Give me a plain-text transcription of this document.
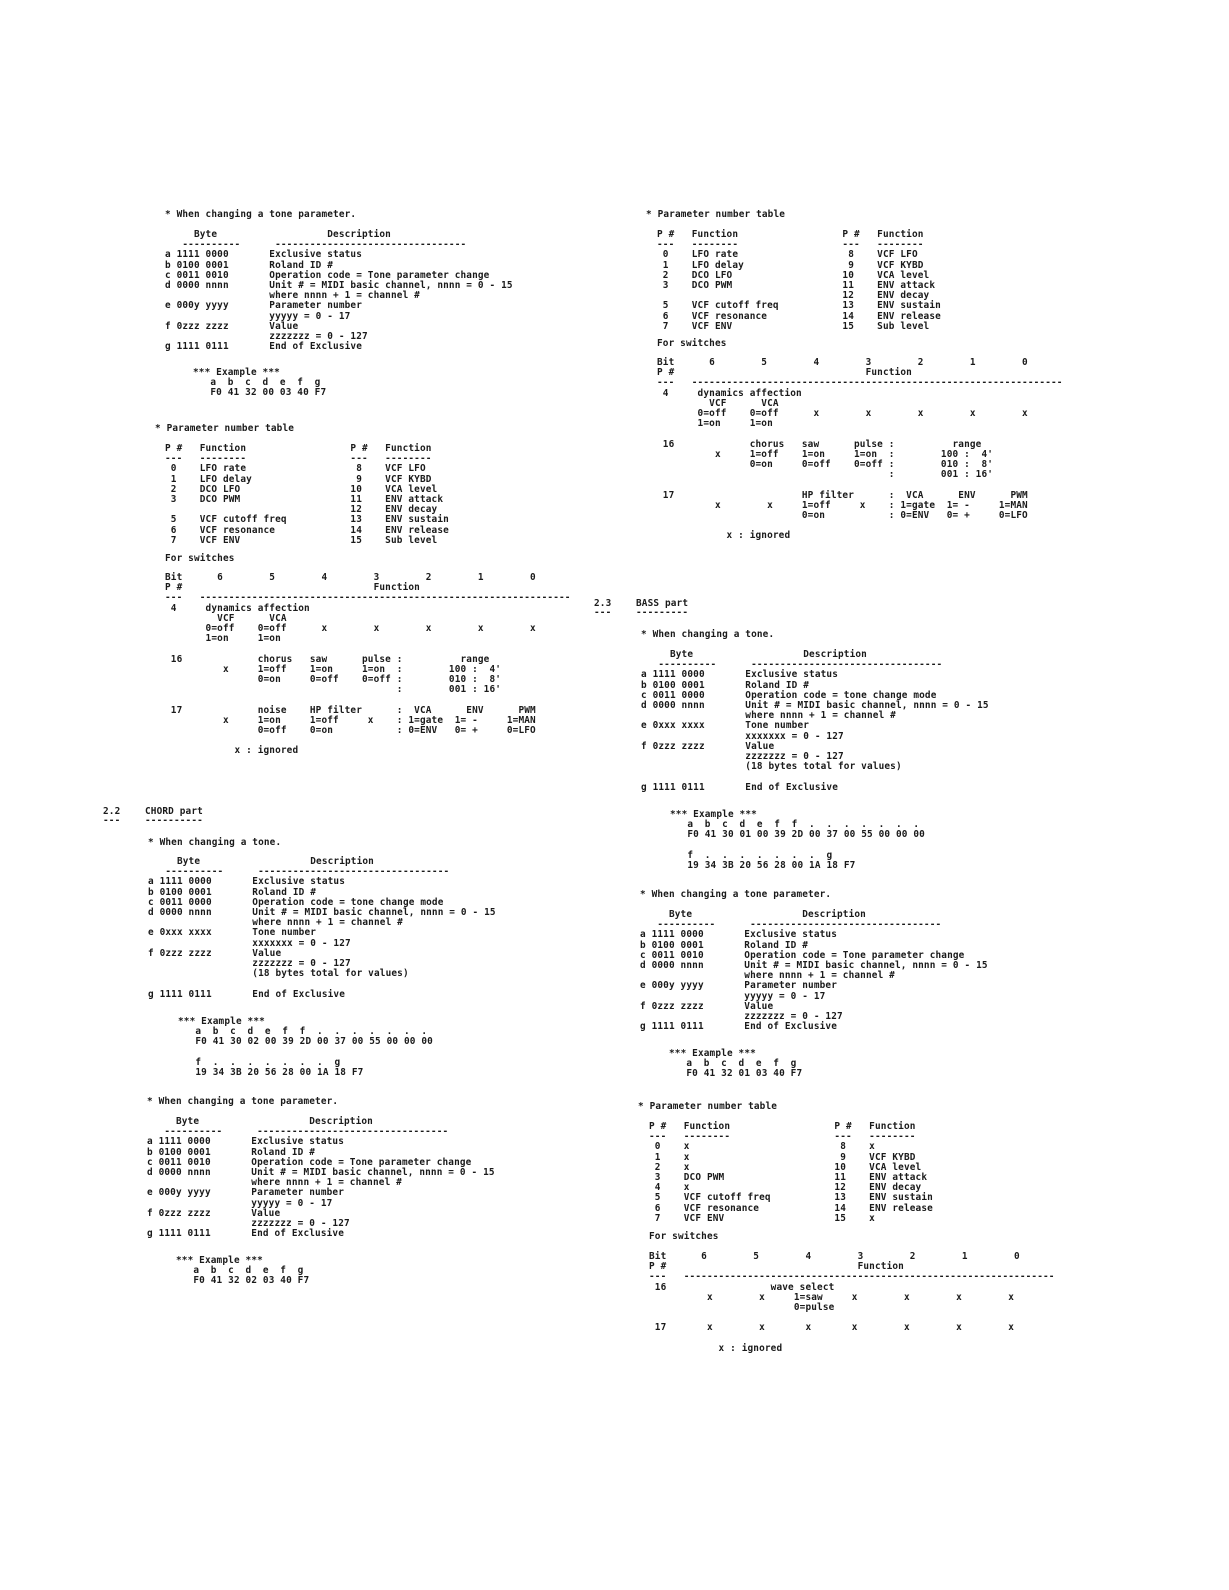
* When changing a tone parameter.
Byte                   Description
----------      ---------------------------------
a 1111 0000       Exclusive status
b 0100 0001       Roland ID #
c 0011 0010       Operation code = Tone parameter change
d 0000 nnnn       Unit # = MIDI basic channel, nnnn = 0 - 15
where nnnn + 1 = channel #
e 000y yyyy       Parameter number
yyyyy = 0 - 17
f 0zzz zzzz       Value
zzzzzzz = 0 - 127
g 1111 0111       End of Exclusive
*** Example ***
a  b  c  d  e  f  g
F0 41 32 00 03 40 F7
* Parameter number table
P #   Function                  P #   Function
---   --------                  ---   --------
0    LFO rate                   8    VCF LFO
1    LFO delay                  9    VCF KYBD
2    DCO LFO                   10    VCA level
3    DCO PWM                   11    ENV attack
12    ENV decay
5    VCF cutoff freq           13    ENV sustain
6    VCF resonance             14    ENV release
7    VCF ENV                   15    Sub level
For switches
Bit      6        5        4        3        2        1        0
P #                                 Function
---   ----------------------------------------------------------------
4     dynamics affection
VCF      VCA
0=off    0=off      x        x        x        x        x
1=on     1=on

16             chorus   saw      pulse :          range
x     1=off    1=on     1=on  :        100 :  4'
0=on     0=off    0=off :        010 :  8'
:        001 : 16'

17             noise    HP filter      :  VCA      ENV      PWM
x     1=on     1=off     x    : 1=gate  1= -     1=MAN
0=off    0=on           : 0=ENV   0= +     0=LFO

x : ignored
2.2
---
CHORD part
----------
* When changing a tone.
Byte                   Description
----------      ---------------------------------
a 1111 0000       Exclusive status
b 0100 0001       Roland ID #
c 0011 0000       Operation code = tone change mode
d 0000 nnnn       Unit # = MIDI basic channel, nnnn = 0 - 15
where nnnn + 1 = channel #
e 0xxx xxxx       Tone number
xxxxxxx = 0 - 127
f 0zzz zzzz       Value
zzzzzzz = 0 - 127
(18 bytes total for values)

g 1111 0111       End of Exclusive
*** Example ***
a  b  c  d  e  f  f  .  .  .  .  .  .  .
F0 41 30 02 00 39 2D 00 37 00 55 00 00 00

f  .  .  .  .  .  .  .  g
19 34 3B 20 56 28 00 1A 18 F7
* When changing a tone parameter.
Byte                   Description
----------      ---------------------------------
a 1111 0000       Exclusive status
b 0100 0001       Roland ID #
c 0011 0010       Operation code = Tone parameter change
d 0000 nnnn       Unit # = MIDI basic channel, nnnn = 0 - 15
where nnnn + 1 = channel #
e 000y yyyy       Parameter number
yyyyy = 0 - 17
f 0zzz zzzz       Value
zzzzzzz = 0 - 127
g 1111 0111       End of Exclusive
*** Example ***
a  b  c  d  e  f  g
F0 41 32 02 03 40 F7
* Parameter number table
P #   Function                  P #   Function
---   --------                  ---   --------
0    LFO rate                   8    VCF LFO
1    LFO delay                  9    VCF KYBD
2    DCO LFO                   10    VCA level
3    DCO PWM                   11    ENV attack
12    ENV decay
5    VCF cutoff freq           13    ENV sustain
6    VCF resonance             14    ENV release
7    VCF ENV                   15    Sub level
For switches
Bit      6        5        4        3        2        1        0
P #                                 Function
---   ----------------------------------------------------------------
4     dynamics affection
VCF      VCA
0=off    0=off      x        x        x        x        x
1=on     1=on

16             chorus   saw      pulse :          range
x     1=off    1=on     1=on  :        100 :  4'
0=on     0=off    0=off :        010 :  8'
:        001 : 16'

17                      HP filter      :  VCA      ENV      PWM
x        x     1=off     x    : 1=gate  1= -     1=MAN
0=on           : 0=ENV   0= +     0=LFO

x : ignored
2.3
---
BASS part
---------
* When changing a tone.
Byte                   Description
----------      ---------------------------------
a 1111 0000       Exclusive status
b 0100 0001       Roland ID #
c 0011 0000       Operation code = tone change mode
d 0000 nnnn       Unit # = MIDI basic channel, nnnn = 0 - 15
where nnnn + 1 = channel #
e 0xxx xxxx       Tone number
xxxxxxx = 0 - 127
f 0zzz zzzz       Value
zzzzzzz = 0 - 127
(18 bytes total for values)

g 1111 0111       End of Exclusive
*** Example ***
a  b  c  d  e  f  f  .  .  .  .  .  .  .
F0 41 30 01 00 39 2D 00 37 00 55 00 00 00

f  .  .  .  .  .  .  .  g
19 34 3B 20 56 28 00 1A 18 F7
* When changing a tone parameter.
Byte                   Description
----------      ---------------------------------
a 1111 0000       Exclusive status
b 0100 0001       Roland ID #
c 0011 0010       Operation code = Tone parameter change
d 0000 nnnn       Unit # = MIDI basic channel, nnnn = 0 - 15
where nnnn + 1 = channel #
e 000y yyyy       Parameter number
yyyyy = 0 - 17
f 0zzz zzzz       Value
zzzzzzz = 0 - 127
g 1111 0111       End of Exclusive
*** Example ***
a  b  c  d  e  f  g
F0 41 32 01 03 40 F7
* Parameter number table
P #   Function                  P #   Function
---   --------                  ---   --------
0    x                          8    x
1    x                          9    VCF KYBD
2    x                         10    VCA level
3    DCO PWM                   11    ENV attack
4    x                         12    ENV decay
5    VCF cutoff freq           13    ENV sustain
6    VCF resonance             14    ENV release
7    VCF ENV                   15    x
For switches
Bit      6        5        4        3        2        1        0
P #                                 Function
---   ----------------------------------------------------------------
16                  wave select
x        x     1=saw     x        x        x        x
0=pulse

17       x        x       x       x        x        x        x

x : ignored
